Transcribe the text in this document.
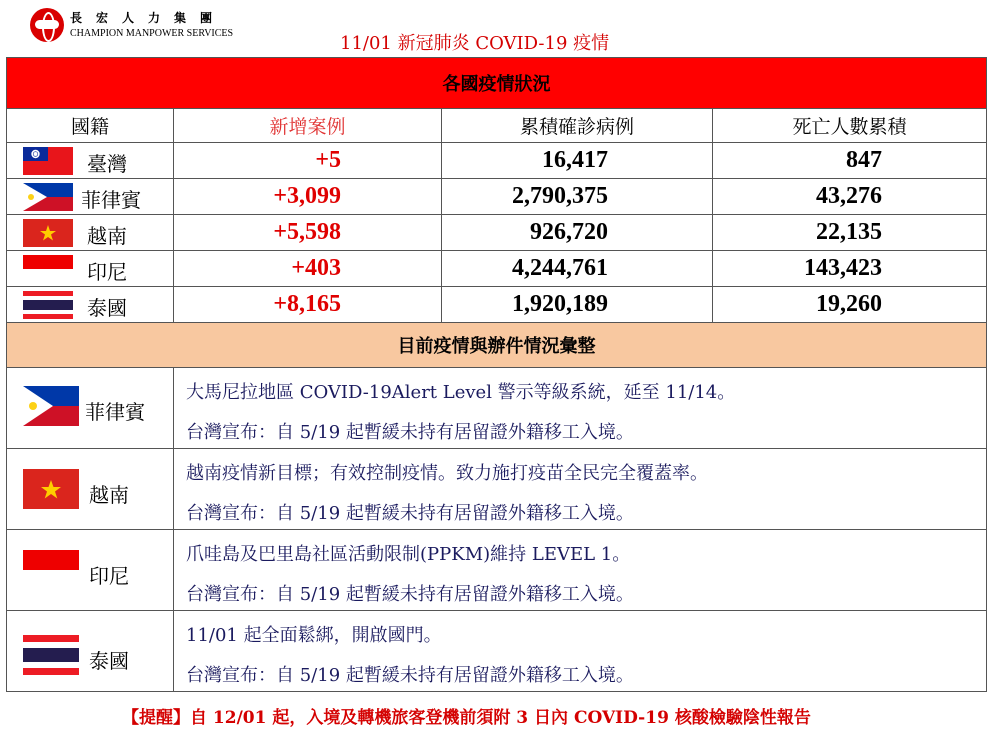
長宏人力集團
CHAMPION MANPOWER SERVICES	11/01 新冠肺炎 COVID-19 疫情
各國疫情狀況			
國籍	新增案例	累積確診病例	死亡人數累積

臺灣	+5	16,417	847

菲律賓	+3,099	2,790,375	43,276

越南	+5,598	926,720	22,135

印尼	+403	4,244,761	143,423

泰國	+8,165	1,920,189	19,260
目前疫情與辦件情況彙整	

菲律賓	大馬尼拉地區 COVID-19Alert Level 警示等級系統，延至 11/14。
台灣宣布：自 5/19 起暫緩未持有居留證外籍移工入境。

越南	越南疫情新目標；有效控制疫情。致力施打疫苗全民完全覆蓋率。
台灣宣布：自 5/19 起暫緩未持有居留證外籍移工入境。

印尼	爪哇島及巴里島社區活動限制(PPKM)維持 LEVEL 1。
台灣宣布：自 5/19 起暫緩未持有居留證外籍移工入境。

泰國	11/01 起全面鬆綁，開啟國門。
台灣宣布：自 5/19 起暫緩未持有居留證外籍移工入境。
【提醒】自 12/01 起，入境及轉機旅客登機前須附 3 日內 COVID-19 核酸檢驗陰性報告
